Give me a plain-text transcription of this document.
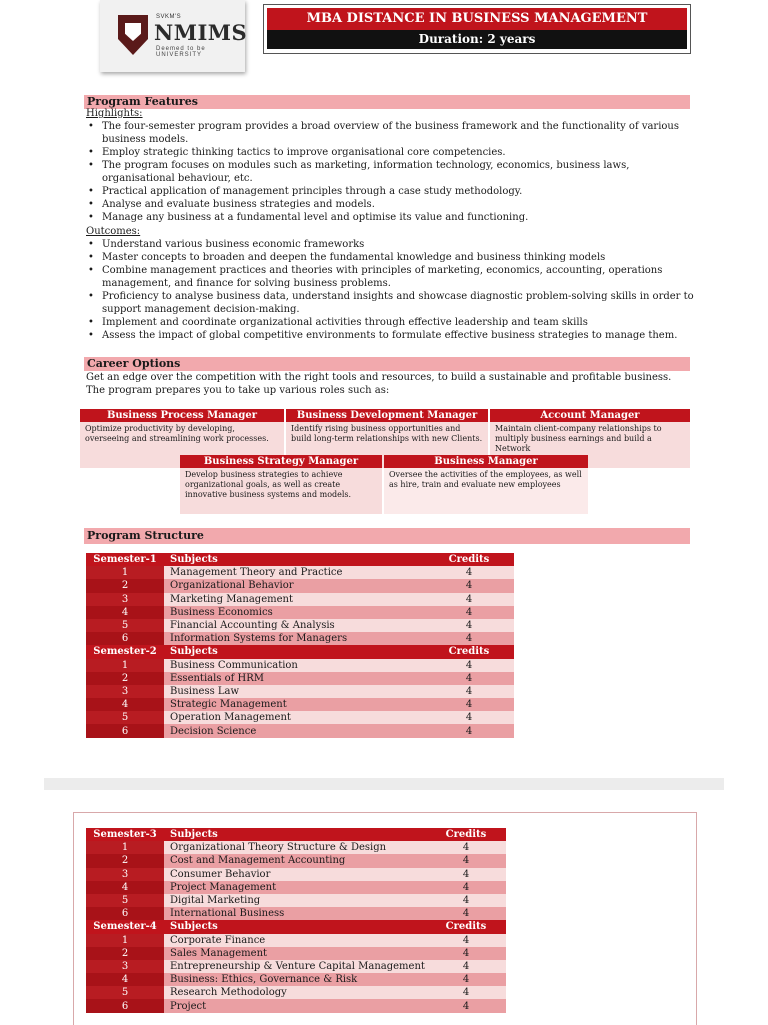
SVKM'S
NMIMS
Deemed to be UNIVERSITY
MBA DISTANCE IN BUSINESS MANAGEMENT
Duration: 2 years
Program Features
Highlights:
• The four-semester program provides a broad overview of the business framework and the functionality of various business models.
• Employ strategic thinking tactics to improve organisational core competencies.
• The program focuses on modules such as marketing, information technology, economics, business laws, organisational behaviour, etc.
• Practical application of management principles through a case study methodology.
• Analyse and evaluate business strategies and models.
• Manage any business at a fundamental level and optimise its value and functioning.
Outcomes:
• Understand various business economic frameworks
• Master concepts to broaden and deepen the fundamental knowledge and business thinking models
• Combine management practices and theories with principles of marketing, economics, accounting, operations management, and finance for solving business problems.
• Proficiency to analyse business data, understand insights and showcase diagnostic problem-solving skills in order to support management decision-making.
• Implement and coordinate organizational activities through effective leadership and team skills
• Assess the impact of global competitive environments to formulate effective business strategies to manage them.
Career Options
Get an edge over the competition with the right tools and resources, to build a sustainable and profitable business. The program prepares you to take up various roles such as:
Business Process Manager
Optimize productivity by developing, overseeing and streamlining work processes.
Business Development Manager
Identify rising business opportunities and build long-term relationships with new Clients.
Account Manager
Maintain client-company relationships to multiply business earnings and build a Network
Business Strategy Manager
Develop business strategies to achieve organizational goals, as well as create innovative business systems and models.
Business Manager
Oversee the activities of the employees, as well as hire, train and evaluate new employees
Program Structure
Semester-1	Subjects	Credits
1	Management Theory and Practice	4
2	Organizational Behavior	4
3	Marketing Management	4
4	Business Economics	4
5	Financial Accounting & Analysis	4
6	Information Systems for Managers	4
Semester-2	Subjects	Credits
1	Business Communication	4
2	Essentials of HRM	4
3	Business Law	4
4	Strategic Management	4
5	Operation Management	4
6	Decision Science	4
Semester-3	Subjects	Credits
1	Organizational Theory Structure & Design	4
2	Cost and Management Accounting	4
3	Consumer Behavior	4
4	Project Management	4
5	Digital Marketing	4
6	International Business	4
Semester-4	Subjects	Credits
1	Corporate Finance	4
2	Sales Management	4
3	Entrepreneurship & Venture Capital Management	4
4	Business: Ethics, Governance & Risk	4
5	Research Methodology	4
6	Project	4
